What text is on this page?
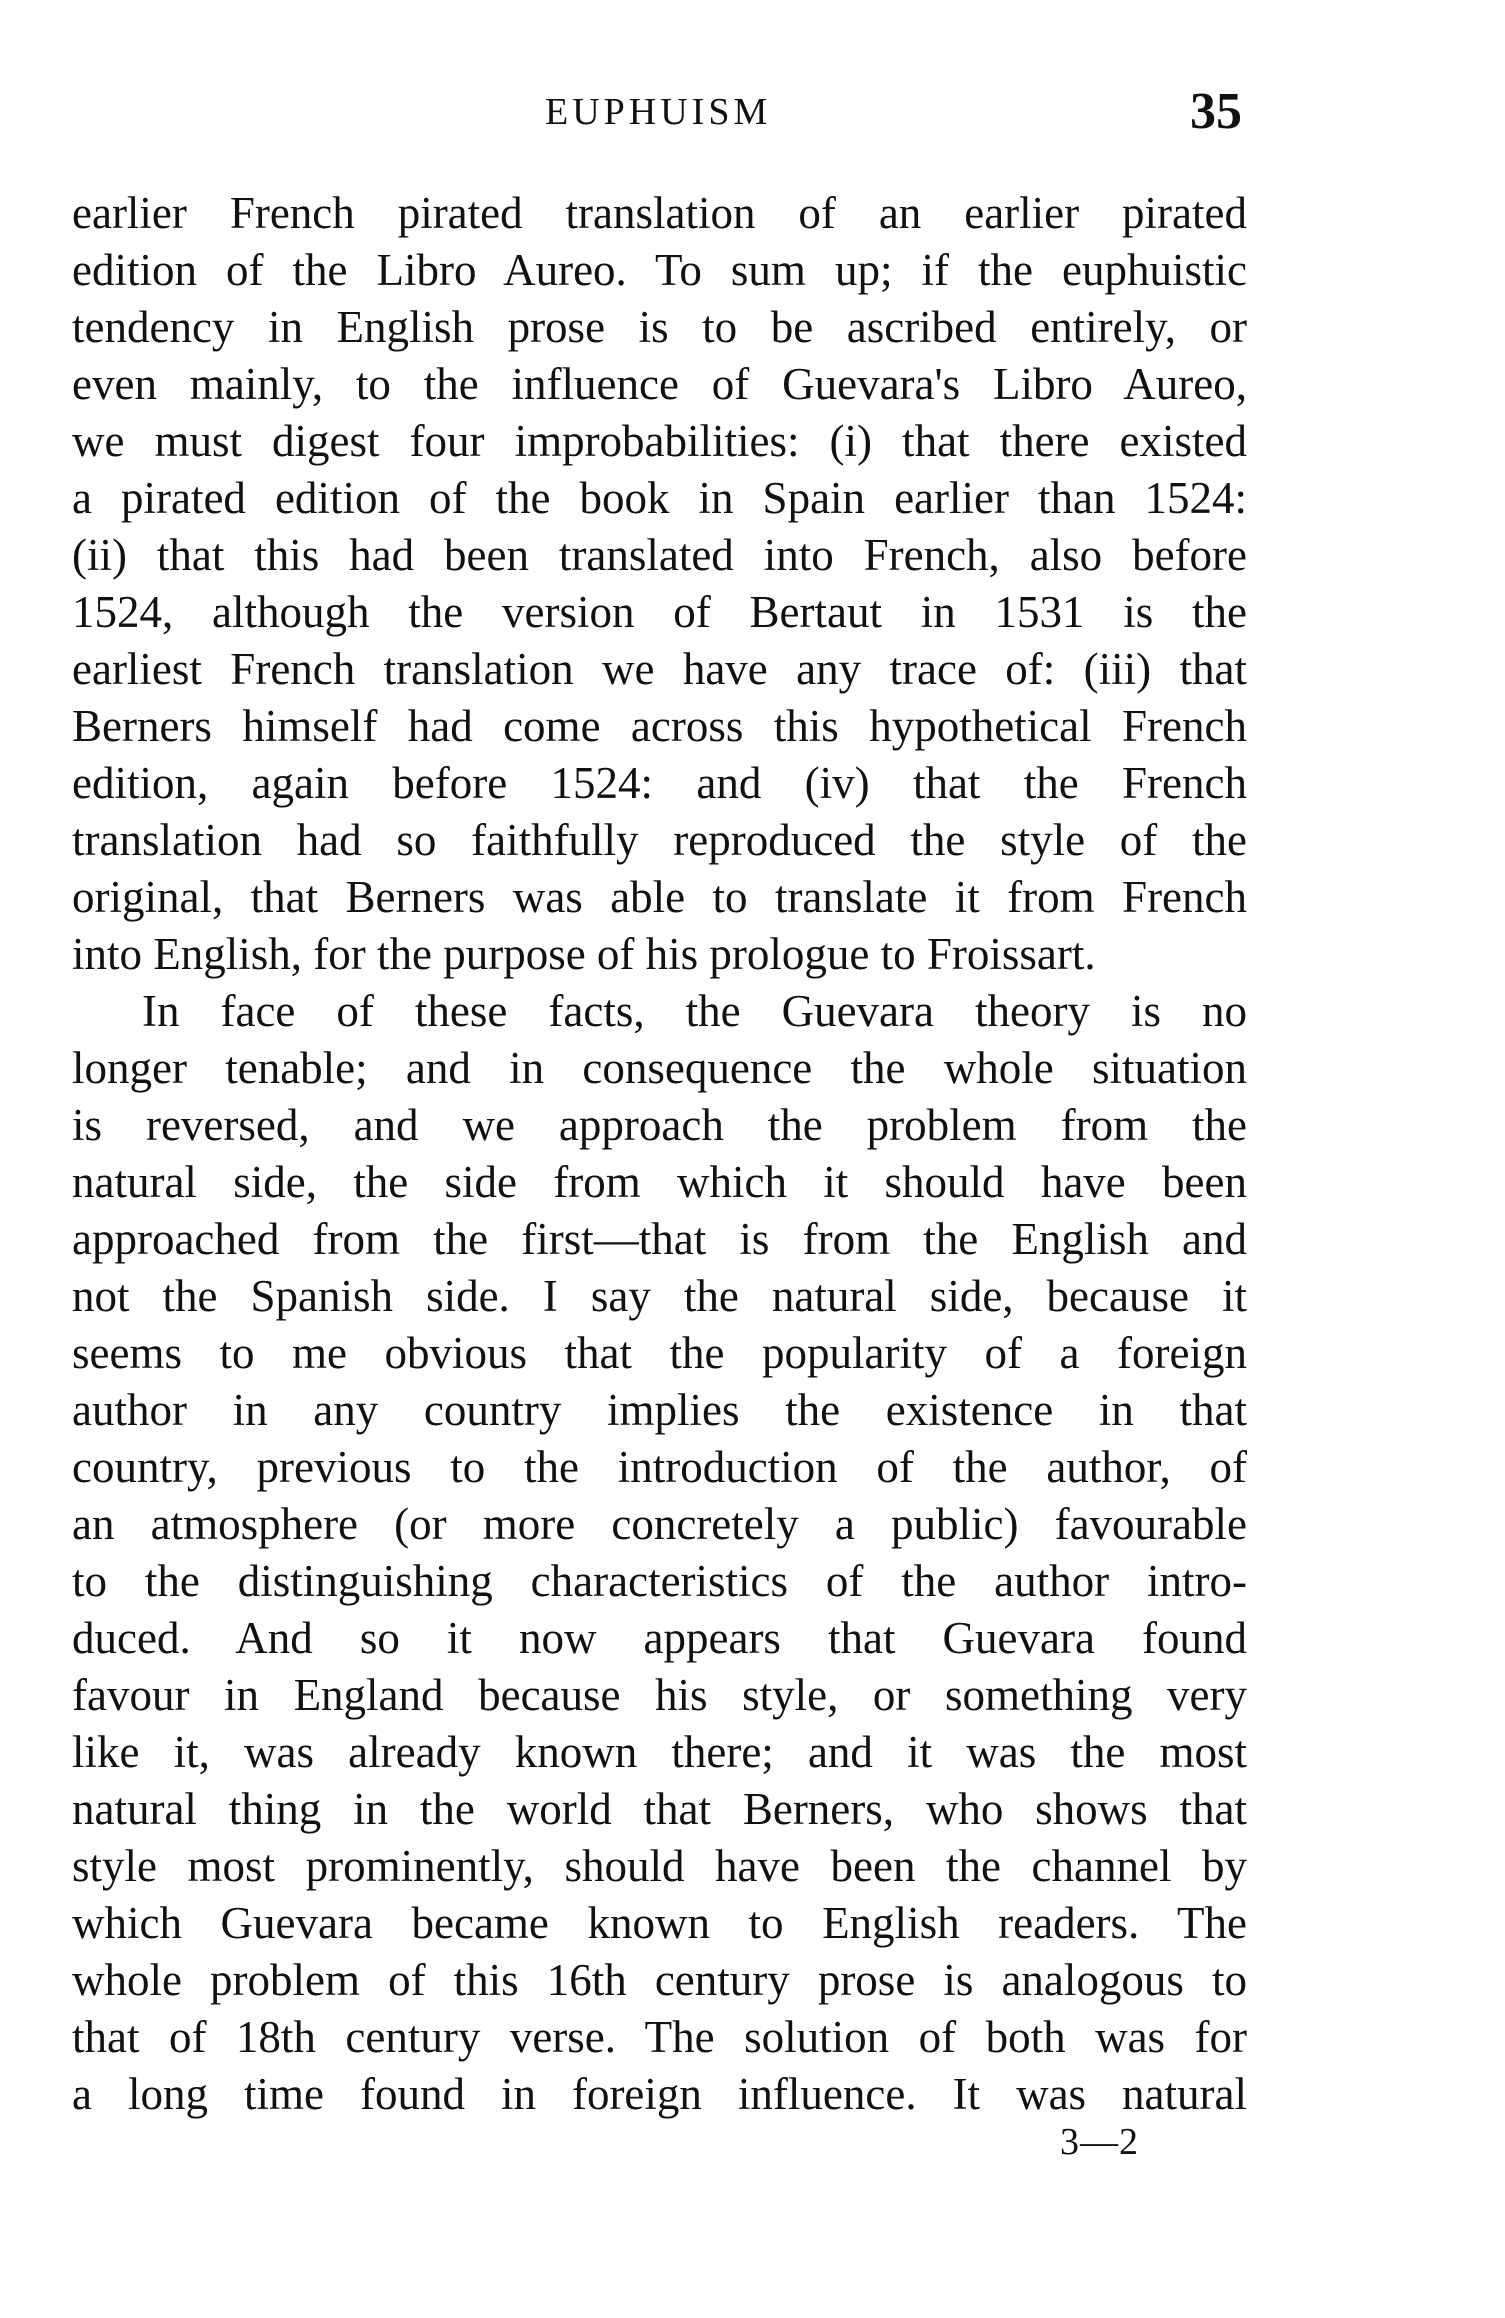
EUPHUISM	35
earlier French pirated translation of an earlier pirated
edition of the Libro Aureo. To sum up; if the euphuistic
tendency in English prose is to be ascribed entirely, or
even mainly, to the influence of Guevara's Libro Aureo,
we must digest four improbabilities: (i) that there existed
a pirated edition of the book in Spain earlier than 1524:
(ii) that this had been translated into French, also before
1524, although the version of Bertaut in 1531 is the
earliest French translation we have any trace of: (iii) that
Berners himself had come across this hypothetical French
edition, again before 1524: and (iv) that the French
translation had so faithfully reproduced the style of the
original, that Berners was able to translate it from French
into English, for the purpose of his prologue to Froissart.
In face of these facts, the Guevara theory is no
longer tenable; and in consequence the whole situation
is reversed, and we approach the problem from the
natural side, the side from which it should have been
approached from the first—that is from the English and
not the Spanish side. I say the natural side, because it
seems to me obvious that the popularity of a foreign
author in any country implies the existence in that
country, previous to the introduction of the author, of
an atmosphere (or more concretely a public) favourable
to the distinguishing characteristics of the author intro-
duced. And so it now appears that Guevara found
favour in England because his style, or something very
like it, was already known there; and it was the most
natural thing in the world that Berners, who shows that
style most prominently, should have been the channel by
which Guevara became known to English readers. The
whole problem of this 16th century prose is analogous to
that of 18th century verse. The solution of both was for
a long time found in foreign influence. It was natural
3—2
